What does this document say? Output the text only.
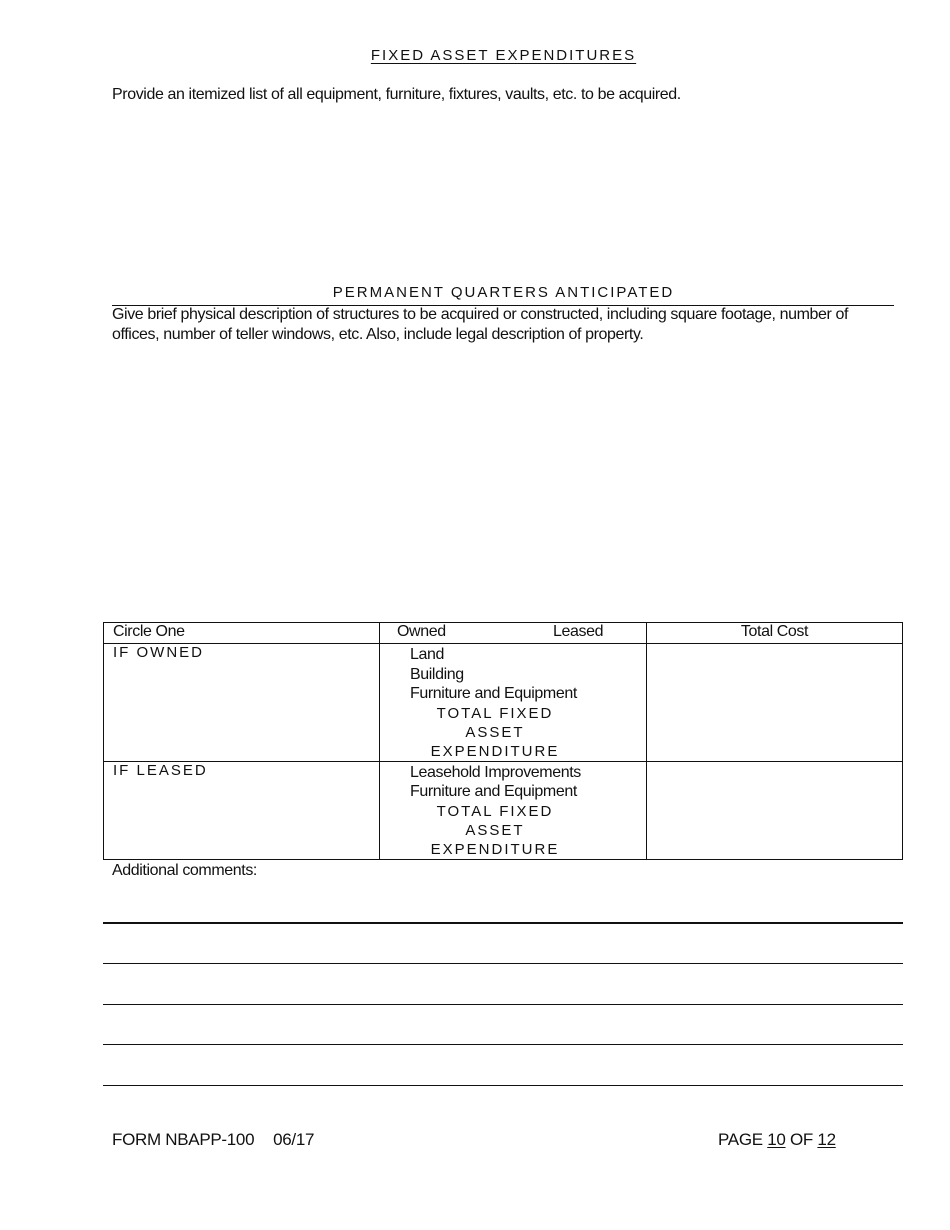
FIXED ASSET EXPENDITURES
Provide an itemized list of all equipment, furniture, fixtures, vaults, etc. to be acquired.
PERMANENT QUARTERS ANTICIPATED
Give brief physical description of structures to be acquired or constructed, including square footage, number of offices, number of teller windows, etc. Also, include legal description of property.
Circle One	Owned Leased	Total Cost
IF OWNED	Land
Building
Furniture and Equipment
TOTAL FIXED ASSET
EXPENDITURE	

IF LEASED	Leasehold Improvements
Furniture and Equipment
TOTAL FIXED ASSET
EXPENDITURE	

Additional comments:
FORM NBAPP-100 06/17	PAGE 10 OF 12
